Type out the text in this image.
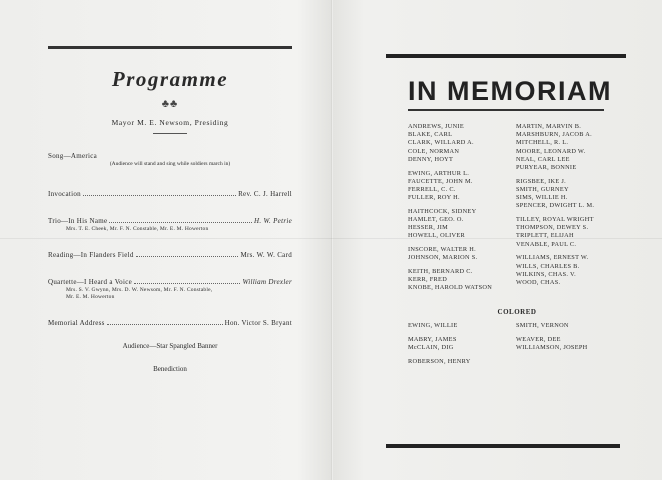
Programme
♣♣
Mayor M. E. Newsom, Presiding
Song—America
(Audience will stand and sing while soldiers march in)
Invocation	Rev. C. J. Harrell
Trio—In His Name	H. W. Petrie
Mrs. T. E. Cheek, Mr. F. N. Constable, Mr. E. M. Howerton
Reading—In Flanders Field	Mrs. W. W. Card
Quartette—I Heard a Voice	William Drexler
Mrs. S. V. Gwynn, Mrs. D. W. Newsom, Mr. F. N. Constable,
Mr. E. M. Howerton
Memorial Address	Hon. Victor S. Bryant
Audience—Star Spangled Banner
Benediction
IN MEMORIAM
ANDREWS, JUNIE
BLAKE, CARL
CLARK, WILLARD A.
COLE, NORMAN
DENNY, HOYT
EWING, ARTHUR L.
FAUCETTE, JOHN M.
FERRELL, C. C.
FULLER, ROY H.
HAITHCOCK, SIDNEY
HAMLET, GEO. O.
HESSER, JIM
HOWELL, OLIVER
INSCORE, WALTER H.
JOHNSON, MARION S.
KEITH, BERNARD C.
KERR, FRED
KNOBE, HAROLD WATSON
MARTIN, MARVIN B.
MARSHBURN, JACOB A.
MITCHELL, R. L.
MOORE, LEONARD W.
NEAL, CARL LEE
PURYEAR, BONNIE
RIGSBEE, IKE J.
SMITH, GURNEY
SIMS, WILLIE H.
SPENCER, DWIGHT L. M.
TILLEY, ROYAL WRIGHT
THOMPSON, DEWEY S.
TRIPLETT, ELIJAH
VENABLE, PAUL C.
WILLIAMS, ERNEST W.
WILLS, CHARLES B.
WILKINS, CHAS. V.
WOOD, CHAS.
COLORED
EWING, WILLIE
MABRY, JAMES
McCLAIN, DIG
ROBERSON, HENRY
SMITH, VERNON
WEAVER, DEE
WILLIAMSON, JOSEPH
